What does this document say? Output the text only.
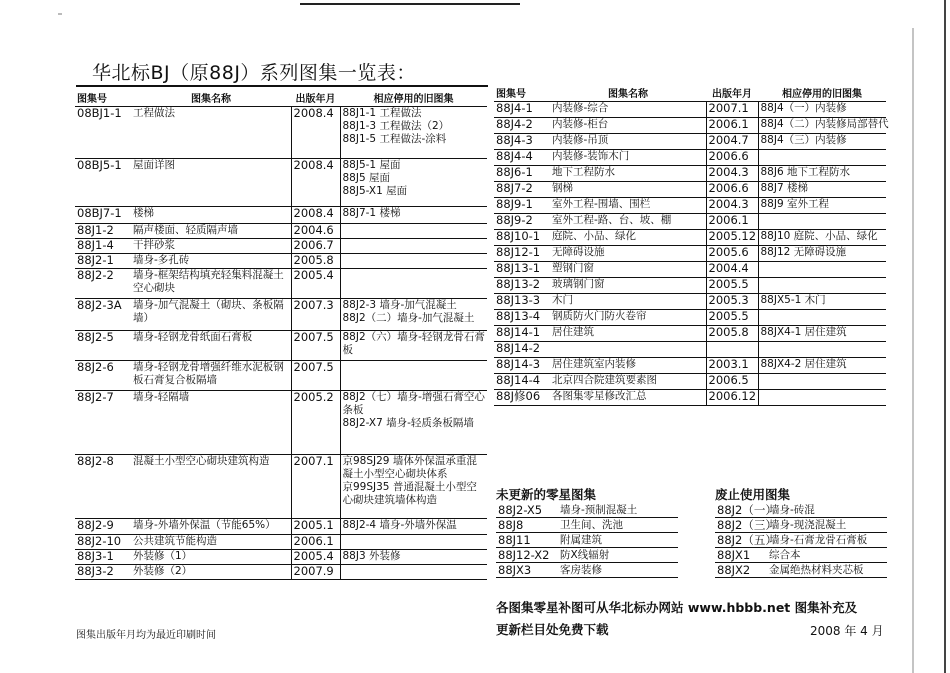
华北标BJ（原88J）系列图集一览表：
图集号	图集名称	出版年月	相应停用的旧图集
08BJ1-1	工程做法	2008.4	88J1-1 工程做法
88J1-3 工程做法（2）
88J1-5 工程做法-涂料
08BJ5-1	屋面详图	2008.4	88J5-1 屋面
88J5 屋面
88J5-X1 屋面
08BJ7-1	楼梯	2008.4	88J7-1 楼梯
88J1-2	隔声楼面、轻质隔声墙	2004.6	
88J1-4	干拌砂浆	2006.7	
88J2-1	墙身-多孔砖	2005.8	
88J2-2	墙身-框架结构填充轻集料混凝土空心砌块	2005.4	
88J2-3A	墙身-加气混凝土（砌块、条板隔墙）	2007.3	88J2-3 墙身-加气混凝土
88J2（二）墙身-加气混凝土
88J2-5	墙身-轻钢龙骨纸面石膏板	2007.5	88J2（六）墙身-轻钢龙骨石膏板
88J2-6	墙身-轻钢龙骨增强纤维水泥板钢板石膏复合板隔墙	2007.5	
88J2-7	墙身-轻隔墙	2005.2	88J2（七）墙身-增强石膏空心条板
88J2-X7 墙身-轻质条板隔墙
88J2-8	混凝土小型空心砌块建筑构造	2007.1	京98SJ29 墙体外保温承重混凝土小型空心砌块体系
京99SJ35 普通混凝土小型空心砌块建筑墙体构造
88J2-9	墙身-外墙外保温（节能65%）	2005.1	88J2-4 墙身-外墙外保温
88J2-10	公共建筑节能构造	2006.1	
88J3-1	外装修（1）	2005.4	88J3 外装修
88J3-2	外装修（2）	2007.9	
图集出版年月均为最近印刷时间
图集号	图集名称	出版年月	相应停用的旧图集
88J4-1	内装修-综合	2007.1	88J4（一）内装修
88J4-2	内装修-柜台	2006.1	88J4（二）内装修局部替代
88J4-3	内装修-吊顶	2004.7	88J4（三）内装修
88J4-4	内装修-装饰木门	2006.6	
88J6-1	地下工程防水	2004.3	88J6 地下工程防水
88J7-2	钢梯	2006.6	88J7 楼梯
88J9-1	室外工程-围墙、围栏	2004.3	88J9 室外工程
88J9-2	室外工程-路、台、坡、棚	2006.1	
88J10-1	庭院、小品、绿化	2005.12	88J10 庭院、小品、绿化
88J12-1	无障碍设施	2005.6	88J12 无障碍设施
88J13-1	塑钢门窗	2004.4	
88J13-2	玻璃钢门窗	2005.5	
88J13-3	木门	2005.3	88JX5-1 木门
88J13-4	钢质防火门防火卷帘	2005.5	
88J14-1	居住建筑	2005.8	88JX4-1 居住建筑
88J14-2			
88J14-3	居住建筑室内装修	2003.1	88JX4-2 居住建筑
88J14-4	北京四合院建筑要素图	2006.5	
88J修06	各图集零星修改汇总	2006.12	
未更新的零星图集
88J2-X5	墙身-预制混凝土
88J8	卫生间、洗池
88J11	附属建筑
88J12-X2	防X线辐射
88JX3	客房装修
废止使用图集
88J2（一）	墙身-砖混
88J2（三）	墙身-现浇混凝土
88J2（五）	墙身-石膏龙骨石膏板
88JX1	综合本
88JX2	金属绝热材料夹芯板
各图集零星补图可从华北标办网站 www.hbbb.net 图集补充及
更新栏目处免费下载	2008 年 4 月
